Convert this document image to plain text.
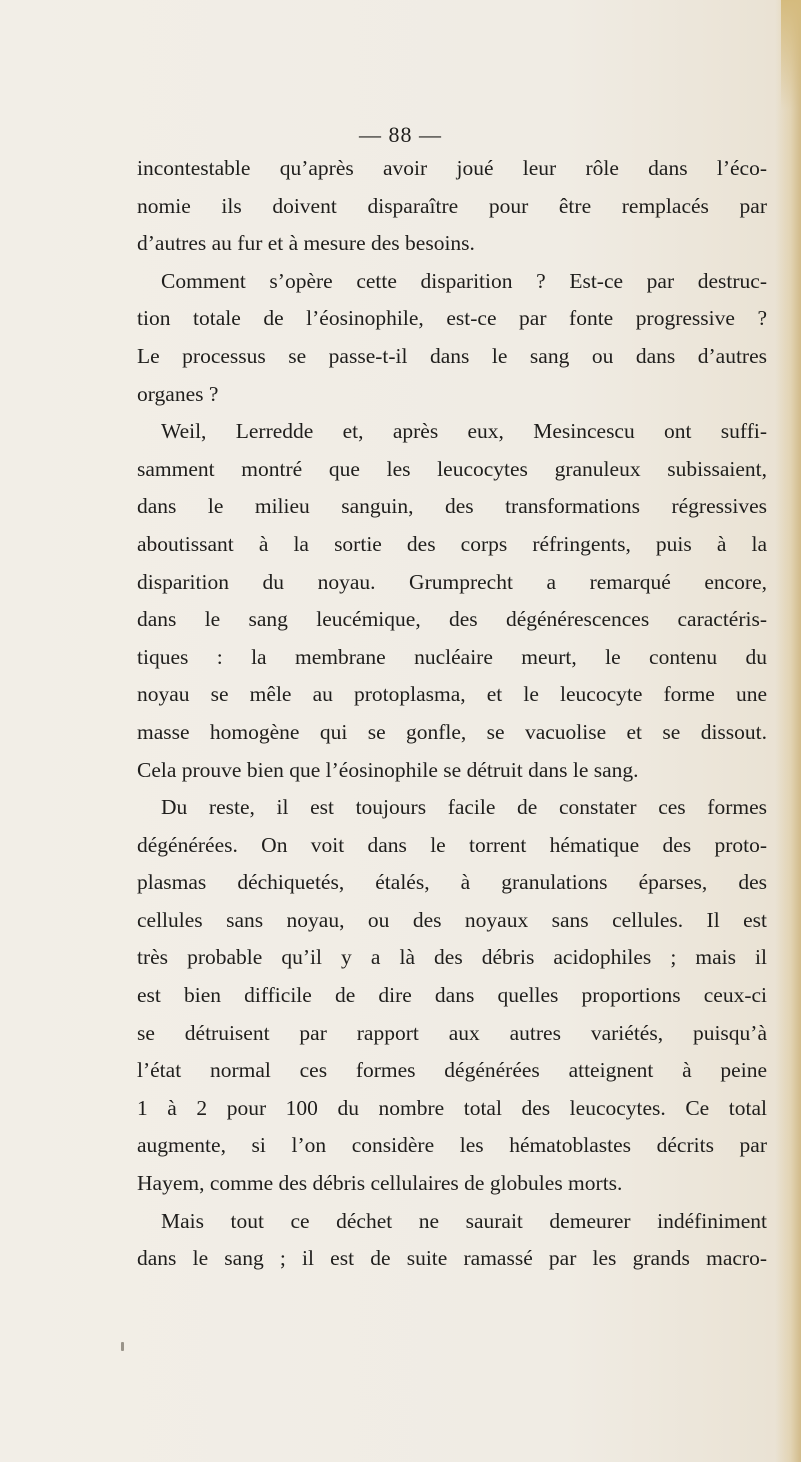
— 88 —
incontestable qu’après avoir joué leur rôle dans l’éco-
nomie ils doivent disparaître pour être remplacés par
d’autres au fur et à mesure des besoins.
Comment s’opère cette disparition ? Est-ce par destruc-
tion totale de l’éosinophile, est-ce par fonte progressive ?
Le processus se passe-t-il dans le sang ou dans d’autres
organes ?
Weil, Lerredde et, après eux, Mesincescu ont suffi-
samment montré que les leucocytes granuleux subissaient,
dans le milieu sanguin, des transformations régressives
aboutissant à la sortie des corps réfringents, puis à la
disparition du noyau. Grumprecht a remarqué encore,
dans le sang leucémique, des dégénérescences caractéris-
tiques : la membrane nucléaire meurt, le contenu du
noyau se mêle au protoplasma, et le leucocyte forme une
masse homogène qui se gonfle, se vacuolise et se dissout.
Cela prouve bien que l’éosinophile se détruit dans le sang.
Du reste, il est toujours facile de constater ces formes
dégénérées. On voit dans le torrent hématique des proto-
plasmas déchiquetés, étalés, à granulations éparses, des
cellules sans noyau, ou des noyaux sans cellules. Il est
très probable qu’il y a là des débris acidophiles ; mais il
est bien difficile de dire dans quelles proportions ceux-ci
se détruisent par rapport aux autres variétés, puisqu’à
l’état normal ces formes dégénérées atteignent à peine
1 à 2 pour 100 du nombre total des leucocytes. Ce total
augmente, si l’on considère les hématoblastes décrits par
Hayem, comme des débris cellulaires de globules morts.
Mais tout ce déchet ne saurait demeurer indéfiniment
dans le sang ; il est de suite ramassé par les grands macro-
